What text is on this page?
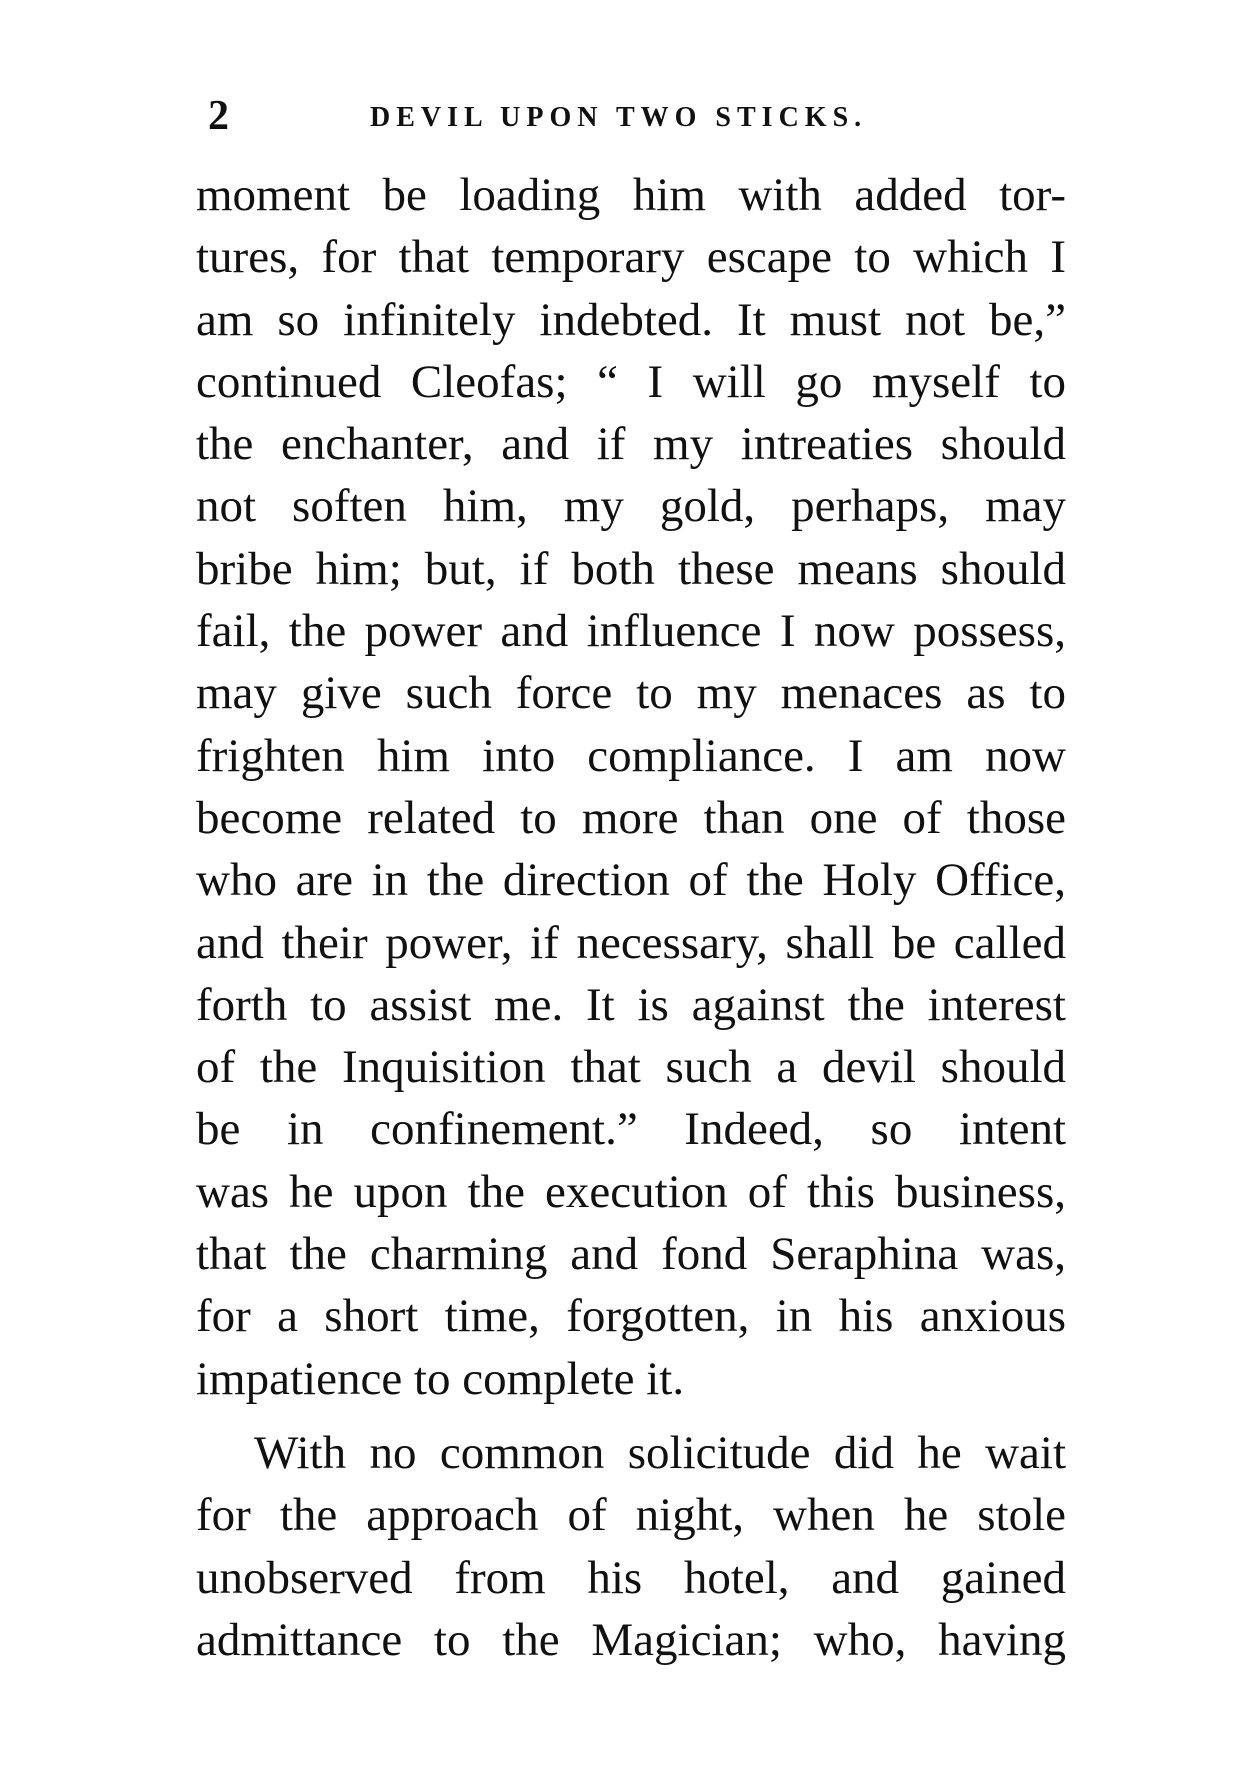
2	DEVIL UPON TWO STICKS.
moment be loading him with added tor-
tures, for that temporary escape to which I
am so infinitely indebted. It must not be,”
continued Cleofas; “ I will go myself to
the enchanter, and if my intreaties should
not soften him, my gold, perhaps, may
bribe him; but, if both these means should
fail, the power and influence I now possess,
may give such force to my menaces as to
frighten him into compliance. I am now
become related to more than one of those
who are in the direction of the Holy Office,
and their power, if necessary, shall be called
forth to assist me. It is against the interest
of the Inquisition that such a devil should
be in confinement.” Indeed, so intent
was he upon the execution of this business,
that the charming and fond Seraphina was,
for a short time, forgotten, in his anxious
impatience to complete it.
With no common solicitude did he wait
for the approach of night, when he stole
unobserved from his hotel, and gained
admittance to the Magician; who, having
